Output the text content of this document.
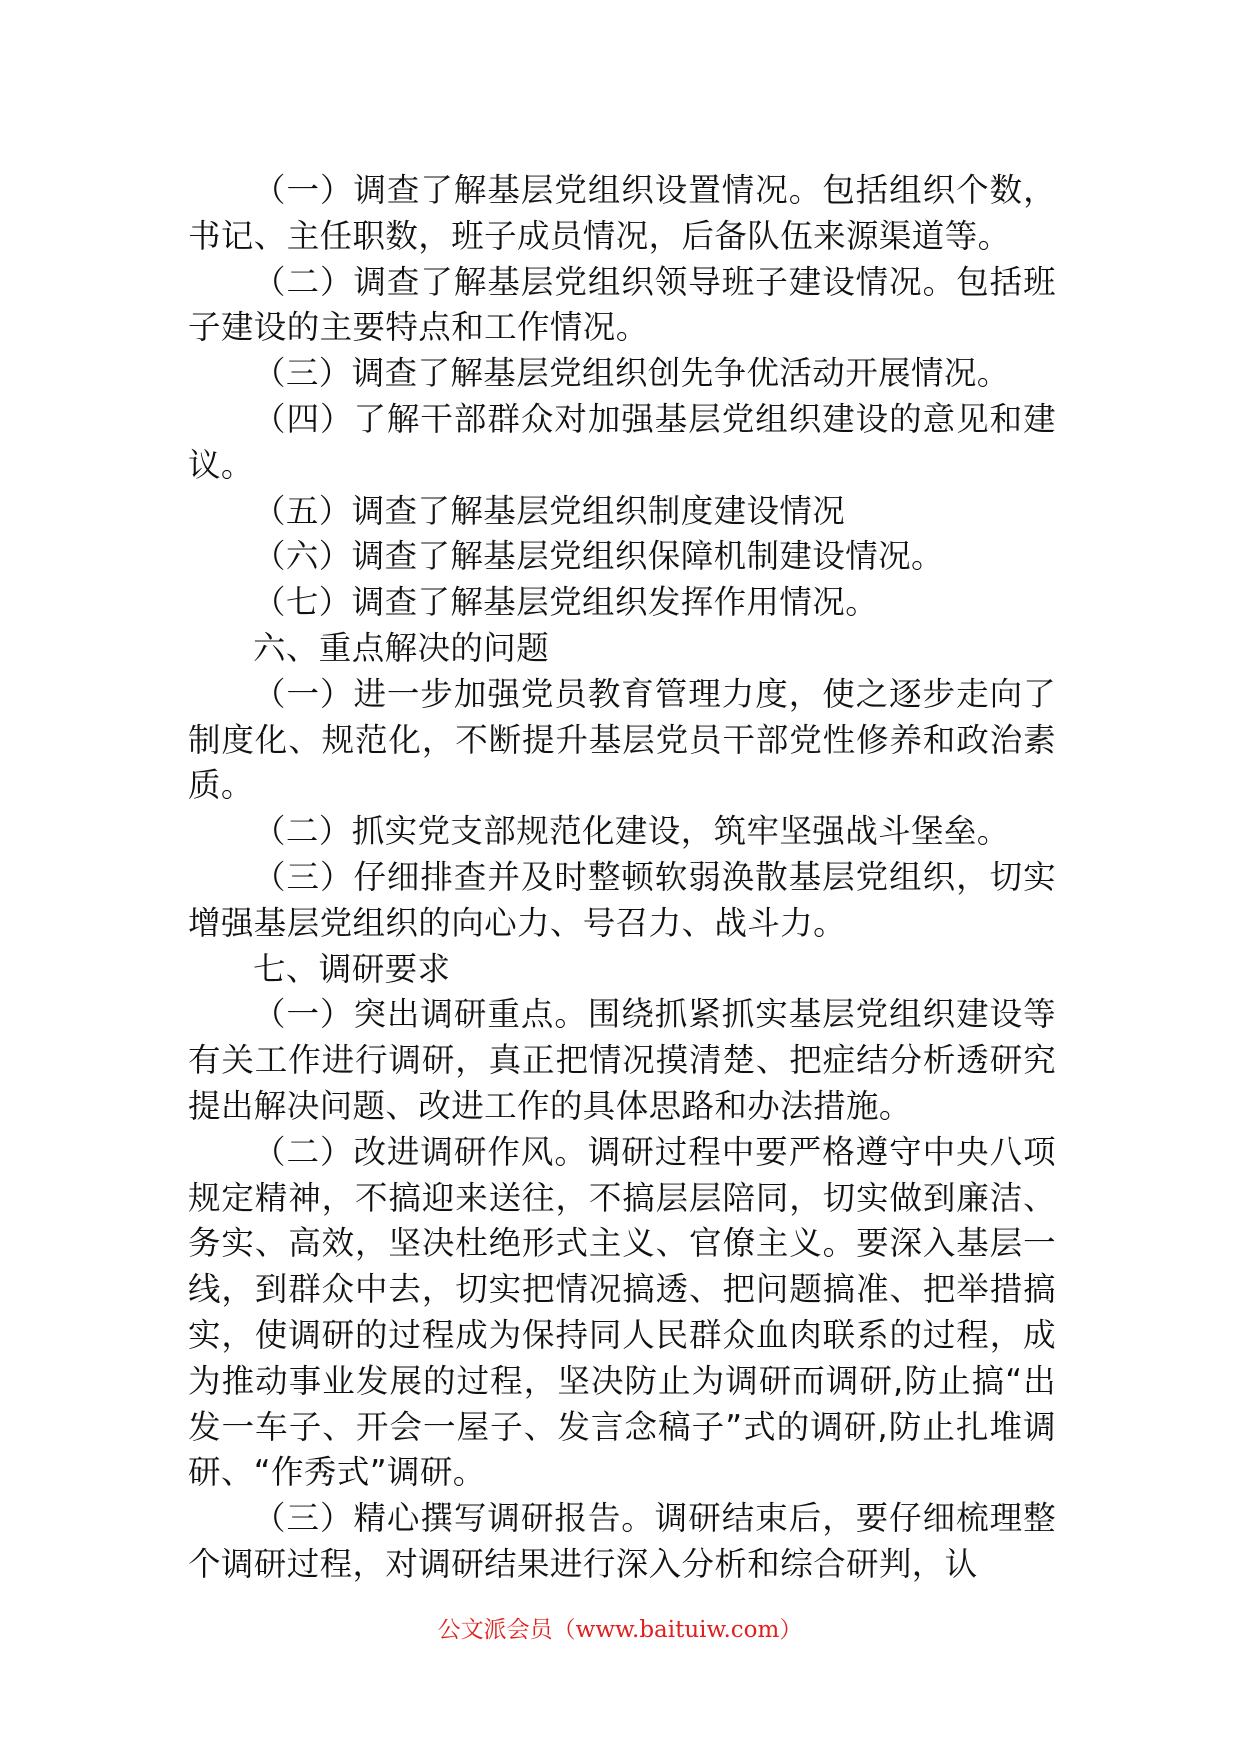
（一）调查了解基层党组织设置情况。包括组织个数，书记、主任职数，班子成员情况，后备队伍来源渠道等。

（二）调查了解基层党组织领导班子建设情况。包括班子建设的主要特点和工作情况。

（三）调查了解基层党组织创先争优活动开展情况。

（四）了解干部群众对加强基层党组织建设的意见和建议。

（五）调查了解基层党组织制度建设情况

（六）调查了解基层党组织保障机制建设情况。

（七）调查了解基层党组织发挥作用情况。

六、重点解决的问题

（一）进一步加强党员教育管理力度，使之逐步走向了制度化、规范化，不断提升基层党员干部党性修养和政治素质。

（二）抓实党支部规范化建设，筑牢坚强战斗堡垒。

（三）仔细排查并及时整顿软弱涣散基层党组织，切实增强基层党组织的向心力、号召力、战斗力。

七、调研要求

（一）突出调研重点。围绕抓紧抓实基层党组织建设等有关工作进行调研，真正把情况摸清楚、把症结分析透研究提出解决问题、改进工作的具体思路和办法措施。

（二）改进调研作风。调研过程中要严格遵守中央八项规定精神，不搞迎来送往，不搞层层陪同，切实做到廉洁、务实、高效，坚决杜绝形式主义、官僚主义。要深入基层一线，到群众中去，切实把情况搞透、把问题搞准、把举措搞实，使调研的过程成为保持同人民群众血肉联系的过程，成为推动事业发展的过程，坚决防止为调研而调研,防止搞“出发一车子、开会一屋子、发言念稿子”式的调研,防止扎堆调研、“作秀式”调研。

（三）精心撰写调研报告。调研结束后，要仔细梳理整个调研过程，对调研结果进行深入分析和综合研判，认

公文派会员（www.baituiw.com）
